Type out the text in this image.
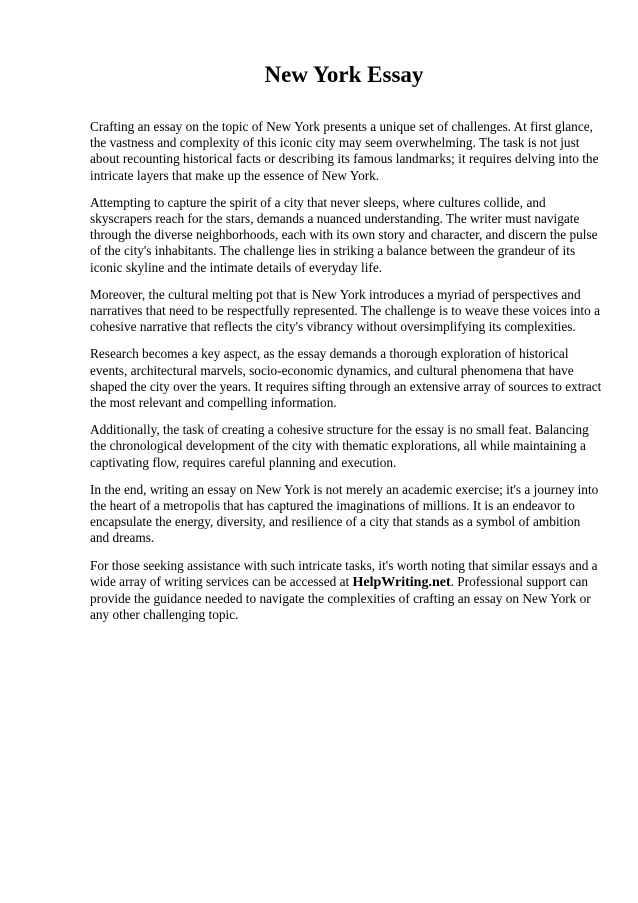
New York Essay

Crafting an essay on the topic of New York presents a unique set of challenges. At first glance, the vastness and complexity of this iconic city may seem overwhelming. The task is not just about recounting historical facts or describing its famous landmarks; it requires delving into the intricate layers that make up the essence of New York.

Attempting to capture the spirit of a city that never sleeps, where cultures collide, and skyscrapers reach for the stars, demands a nuanced understanding. The writer must navigate through the diverse neighborhoods, each with its own story and character, and discern the pulse of the city's inhabitants. The challenge lies in striking a balance between the grandeur of its iconic skyline and the intimate details of everyday life.

Moreover, the cultural melting pot that is New York introduces a myriad of perspectives and narratives that need to be respectfully represented. The challenge is to weave these voices into a cohesive narrative that reflects the city's vibrancy without oversimplifying its complexities.

Research becomes a key aspect, as the essay demands a thorough exploration of historical events, architectural marvels, socio-economic dynamics, and cultural phenomena that have shaped the city over the years. It requires sifting through an extensive array of sources to extract the most relevant and compelling information.

Additionally, the task of creating a cohesive structure for the essay is no small feat. Balancing the chronological development of the city with thematic explorations, all while maintaining a captivating flow, requires careful planning and execution.

In the end, writing an essay on New York is not merely an academic exercise; it's a journey into the heart of a metropolis that has captured the imaginations of millions. It is an endeavor to encapsulate the energy, diversity, and resilience of a city that stands as a symbol of ambition and dreams.

For those seeking assistance with such intricate tasks, it's worth noting that similar essays and a wide array of writing services can be accessed at HelpWriting.net. Professional support can provide the guidance needed to navigate the complexities of crafting an essay on New York or any other challenging topic.
